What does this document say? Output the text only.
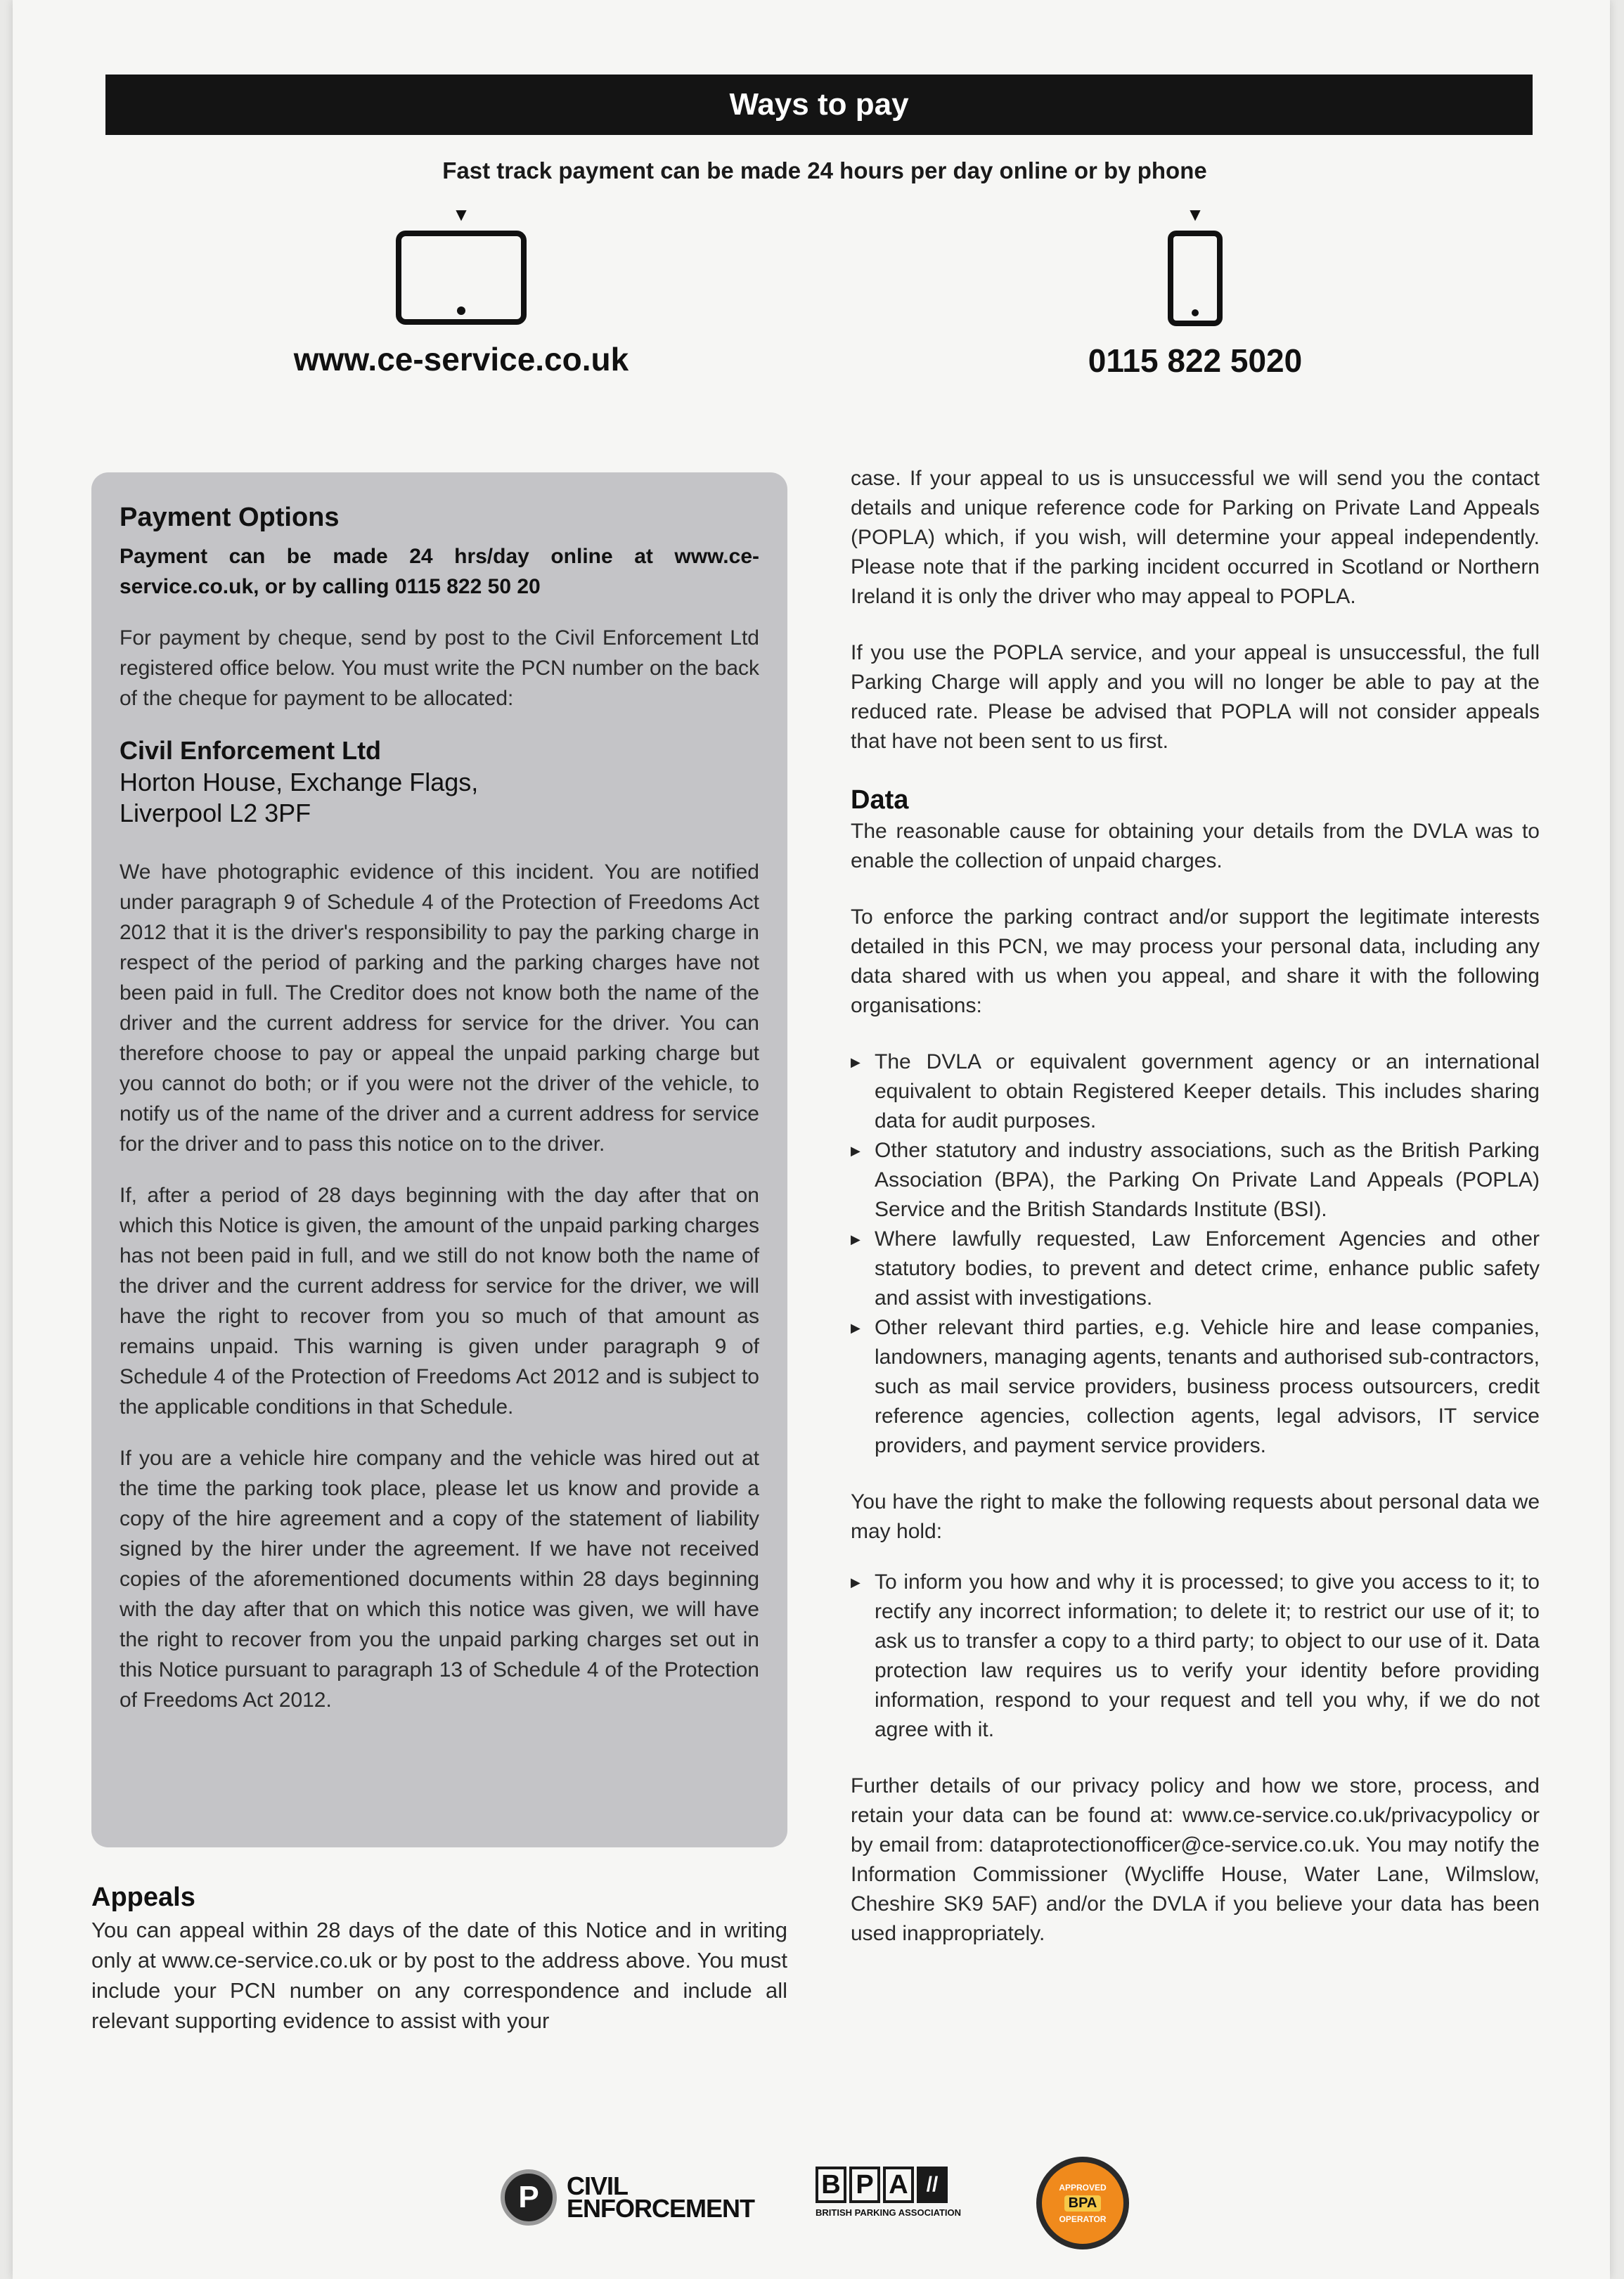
Ways to pay
Fast track payment can be made 24 hours per day online or by phone
▼
www.ce-service.co.uk
▼
0115 822 5020
Payment Options

Payment can be made 24 hrs/day online at www.ce-service.co.uk, or by calling 0115 822 50 20

For payment by cheque, send by post to the Civil Enforcement Ltd registered office below. You must write the PCN number on the back of the cheque for payment to be allocated:

Civil Enforcement Ltd
Horton House, Exchange Flags,
Liverpool L2 3PF

We have photographic evidence of this incident. You are notified under paragraph 9 of Schedule 4 of the Protection of Freedoms Act 2012 that it is the driver's responsibility to pay the parking charge in respect of the period of parking and the parking charges have not been paid in full. The Creditor does not know both the name of the driver and the current address for service for the driver. You can therefore choose to pay or appeal the unpaid parking charge but you cannot do both; or if you were not the driver of the vehicle, to notify us of the name of the driver and a current address for service for the driver and to pass this notice on to the driver.

If, after a period of 28 days beginning with the day after that on which this Notice is given, the amount of the unpaid parking charges has not been paid in full, and we still do not know both the name of the driver and the current address for service for the driver, we will have the right to recover from you so much of that amount as remains unpaid. This warning is given under paragraph 9 of Schedule 4 of the Protection of Freedoms Act 2012 and is subject to the applicable conditions in that Schedule.

If you are a vehicle hire company and the vehicle was hired out at the time the parking took place, please let us know and provide a copy of the hire agreement and a copy of the statement of liability signed by the hirer under the agreement. If we have not received copies of the aforementioned documents within 28 days beginning with the day after that on which this notice was given, we will have the right to recover from you the unpaid parking charges set out in this Notice pursuant to paragraph 13 of Schedule 4 of the Protection of Freedoms Act 2012.

Appeals

You can appeal within 28 days of the date of this Notice and in writing only at www.ce-service.co.uk or by post to the address above. You must include your PCN number on any correspondence and include all relevant supporting evidence to assist with your

case. If your appeal to us is unsuccessful we will send you the contact details and unique reference code for Parking on Private Land Appeals (POPLA) which, if you wish, will determine your appeal independently. Please note that if the parking incident occurred in Scotland or Northern Ireland it is only the driver who may appeal to POPLA.

If you use the POPLA service, and your appeal is unsuccessful, the full Parking Charge will apply and you will no longer be able to pay at the reduced rate. Please be advised that POPLA will not consider appeals that have not been sent to us first.

Data

The reasonable cause for obtaining your details from the DVLA was to enable the collection of unpaid charges.

To enforce the parking contract and/or support the legitimate interests detailed in this PCN, we may process your personal data, including any data shared with us when you appeal, and share it with the following organisations:

▶ The DVLA or equivalent government agency or an international equivalent to obtain Registered Keeper details. This includes sharing data for audit purposes.
▶ Other statutory and industry associations, such as the British Parking Association (BPA), the Parking On Private Land Appeals (POPLA) Service and the British Standards Institute (BSI).
▶ Where lawfully requested, Law Enforcement Agencies and other statutory bodies, to prevent and detect crime, enhance public safety and assist with investigations.
▶ Other relevant third parties, e.g. Vehicle hire and lease companies, landowners, managing agents, tenants and authorised sub-contractors, such as mail service providers, business process outsourcers, credit reference agencies, collection agents, legal advisors, IT service providers, and payment service providers.

You have the right to make the following requests about personal data we may hold:

▶ To inform you how and why it is processed; to give you access to it; to rectify any incorrect information; to delete it; to restrict our use of it; to ask us to transfer a copy to a third party; to object to our use of it. Data protection law requires us to verify your identity before providing information, respond to your request and tell you why, if we do not agree with it.

Further details of our privacy policy and how we store, process, and retain your data can be found at: www.ce-service.co.uk/privacypolicy or by email from: dataprotectionofficer@ce-service.co.uk. You may notify the Information Commissioner (Wycliffe House, Water Lane, Wilmslow, Cheshire SK9 5AF) and/or the DVLA if you believe your data has been used inappropriately.

P	CIVIL
ENFORCEMENT
B P A //
BRITISH PARKING ASSOCIATION
APPROVED
BPA
OPERATOR
